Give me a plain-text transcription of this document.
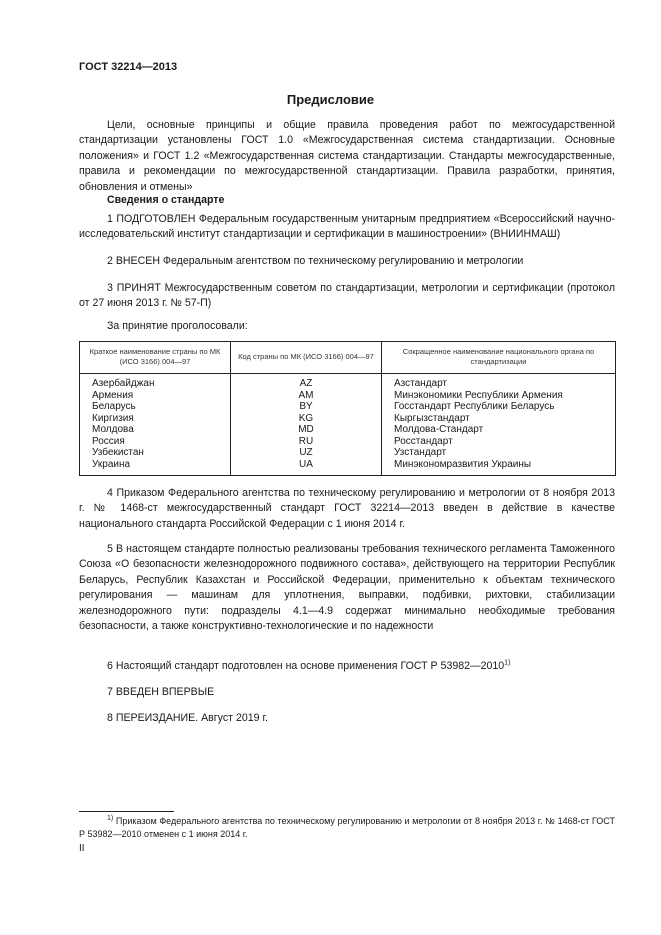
ГОСТ 32214—2013
Предисловие

Цели, основные принципы и общие правила проведения работ по межгосударственной стандартизации установлены ГОСТ 1.0 «Межгосударственная система стандартизации. Основные положения» и ГОСТ 1.2 «Межгосударственная система стандартизации. Стандарты межгосударственные, правила и рекомендации по межгосударственной стандартизации. Правила разработки, принятия, обновления и отмены»

Сведения о стандарте

1 ПОДГОТОВЛЕН Федеральным государственным унитарным предприятием «Всероссийский научно-исследовательский институт стандартизации и сертификации в машиностроении» (ВНИИНМАШ)

2 ВНЕСЕН Федеральным агентством по техническому регулированию и метрологии

3 ПРИНЯТ Межгосударственным советом по стандартизации, метрологии и сертификации (протокол от 27 июня 2013 г. № 57-П)

За принятие проголосовали:
Краткое наименование страны по МК (ИСО 3166) 004—97	Код страны по МК (ИСО 3166) 004—97	Сокращенное наименование национального органа по стандартизации
Азербайджан	AZ	Азстандарт
Армения	AM	Минэкономики Республики Армения
Беларусь	BY	Госстандарт Республики Беларусь
Киргизия	KG	Кыргызстандарт
Молдова	MD	Молдова-Стандарт
Россия	RU	Росстандарт
Узбекистан	UZ	Узстандарт
Украина	UA	Минэкономразвития Украины

4 Приказом Федерального агентства по техническому регулированию и метрологии от 8 ноября 2013 г. № 1468-ст межгосударственный стандарт ГОСТ 32214—2013 введен в действие в качестве национального стандарта Российской Федерации с 1 июня 2014 г.

5 В настоящем стандарте полностью реализованы требования технического регламента Таможенного Союза «О безопасности железнодорожного подвижного состава», действующего на территории Республик Беларусь, Республик Казахстан и Российской Федерации, применительно к объектам технического регулирования — машинам для уплотнения, выправки, подбивки, рихтовки, стабилизации железнодорожного пути: подразделы 4.1—4.9 содержат минимально необходимые требования безопасности, а также конструктивно-технологические и по надежности

6 Настоящий стандарт подготовлен на основе применения ГОСТ Р 53982—2010$^{1)}$

7 ВВЕДЕН ВПЕРВЫЕ

8 ПЕРЕИЗДАНИЕ. Август 2019 г.

$^{1)}$ Приказом Федерального агентства по техническому регулированию и метрологии от 8 ноября 2013 г. № 1468-ст ГОСТ Р 53982—2010 отменен с 1 июня 2014 г.

II
